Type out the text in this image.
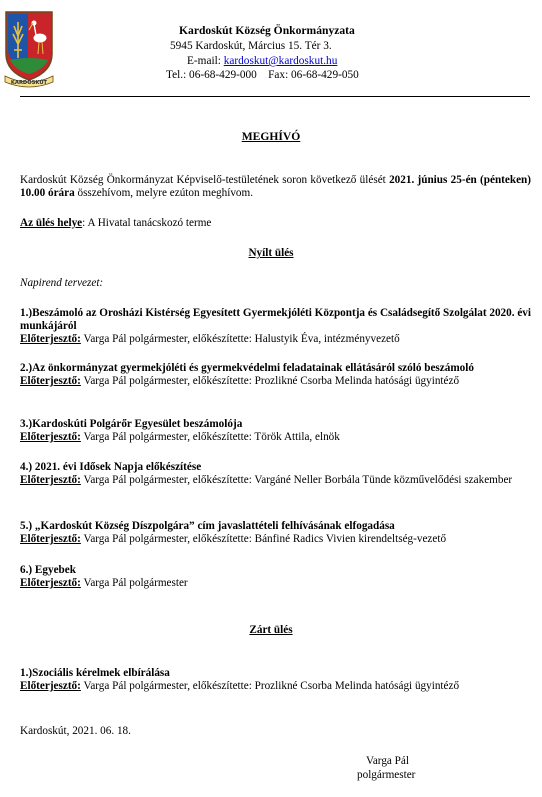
KARDOSKÚT
Kardoskút Község Önkormányzata
5945 Kardoskút, Március 15. Tér 3.
E-mail: kardoskut@kardoskut.hu
Tel.: 06-68-429-000    Fax: 06-68-429-050
MEGHÍVÓ
Kardoskút Község Önkormányzat Képviselő-testületének soron következő ülését 2021. június 25-én (pénteken) 10.00 órára összehívom, melyre ezúton meghívom.
Az ülés helye: A Hivatal tanácskozó terme
Nyílt ülés
Napirend tervezet:
1.)Beszámoló az Orosházi Kistérség Egyesített Gyermekjóléti Központja és Családsegítő Szolgálat 2020. évi munkájáról
Előterjesztő: Varga Pál polgármester, előkészítette: Halustyik Éva, intézményvezető
2.)Az önkormányzat gyermekjóléti és gyermekvédelmi feladatainak ellátásáról szóló beszámoló
Előterjesztő: Varga Pál polgármester, előkészítette: Prozlikné Csorba Melinda hatósági ügyintéző
3.)Kardoskúti Polgárőr Egyesület beszámolója
Előterjesztő: Varga Pál polgármester, előkészítette: Török Attila, elnök
4.) 2021. évi Idősek Napja előkészítése
Előterjesztő: Varga Pál polgármester, előkészítette: Vargáné Neller Borbála Tünde közművelődési szakember
5.) „Kardoskút Község Díszpolgára” cím javaslattételi felhívásának elfogadása
Előterjesztő: Varga Pál polgármester, előkészítette: Bánfiné Radics Vivien kirendeltség-vezető
6.) Egyebek
Előterjesztő: Varga Pál polgármester
Zárt ülés
1.)Szociális kérelmek elbírálása
Előterjesztő: Varga Pál polgármester, előkészítette: Prozlikné Csorba Melinda hatósági ügyintéző
Kardoskút, 2021. 06. 18.
Varga Pál
polgármester
